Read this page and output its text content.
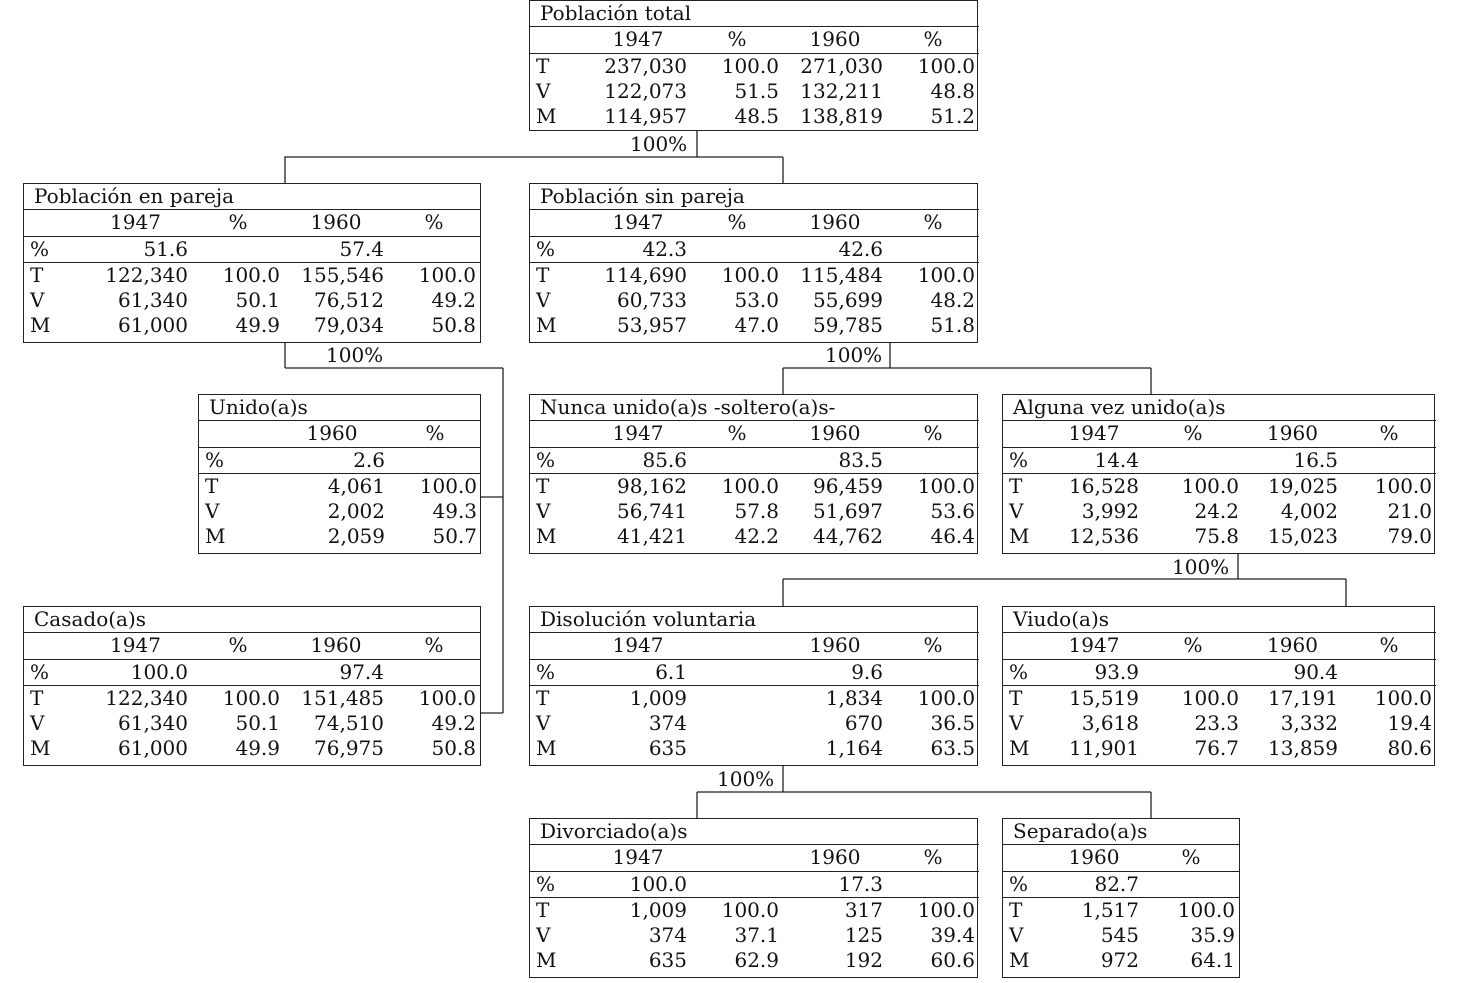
100%
100%	100%
100%
100%
Población total				
	1947	%	1960	%
T	237,030	100.0	271,030	100.0
V	122,073	51.5	132,211	48.8
M	114,957	48.5	138,819	51.2
Población en pareja				
	1947	%	1960	%
%	51.6		57.4	
T	122,340	100.0	155,546	100.0
V	61,340	50.1	76,512	49.2
M	61,000	49.9	79,034	50.8
Población sin pareja				
	1947	%	1960	%
%	42.3		42.6	
T	114,690	100.0	115,484	100.0
V	60,733	53.0	55,699	48.2
M	53,957	47.0	59,785	51.8
Unido(a)s		
	1960	%
%	2.6	
T	4,061	100.0
V	2,002	49.3
M	2,059	50.7
Nunca unido(a)s -soltero(a)s-				
	1947	%	1960	%
%	85.6		83.5	
T	98,162	100.0	96,459	100.0
V	56,741	57.8	51,697	53.6
M	41,421	42.2	44,762	46.4
Alguna vez unido(a)s				
	1947	%	1960	%
%	14.4		16.5	
T	16,528	100.0	19,025	100.0
V	3,992	24.2	4,002	21.0
M	12,536	75.8	15,023	79.0
Casado(a)s				
	1947	%	1960	%
%	100.0		97.4	
T	122,340	100.0	151,485	100.0
V	61,340	50.1	74,510	49.2
M	61,000	49.9	76,975	50.8
Disolución voluntaria				
	1947		1960	%
%	6.1		9.6	
T	1,009		1,834	100.0
V	374		670	36.5
M	635		1,164	63.5
Viudo(a)s				
	1947	%	1960	%
%	93.9		90.4	
T	15,519	100.0	17,191	100.0
V	3,618	23.3	3,332	19.4
M	11,901	76.7	13,859	80.6
Divorciado(a)s				
	1947		1960	%
%	100.0		17.3	
T	1,009	100.0	317	100.0
V	374	37.1	125	39.4
M	635	62.9	192	60.6
Separado(a)s		
	1960	%
%	82.7	
T	1,517	100.0
V	545	35.9
M	972	64.1
